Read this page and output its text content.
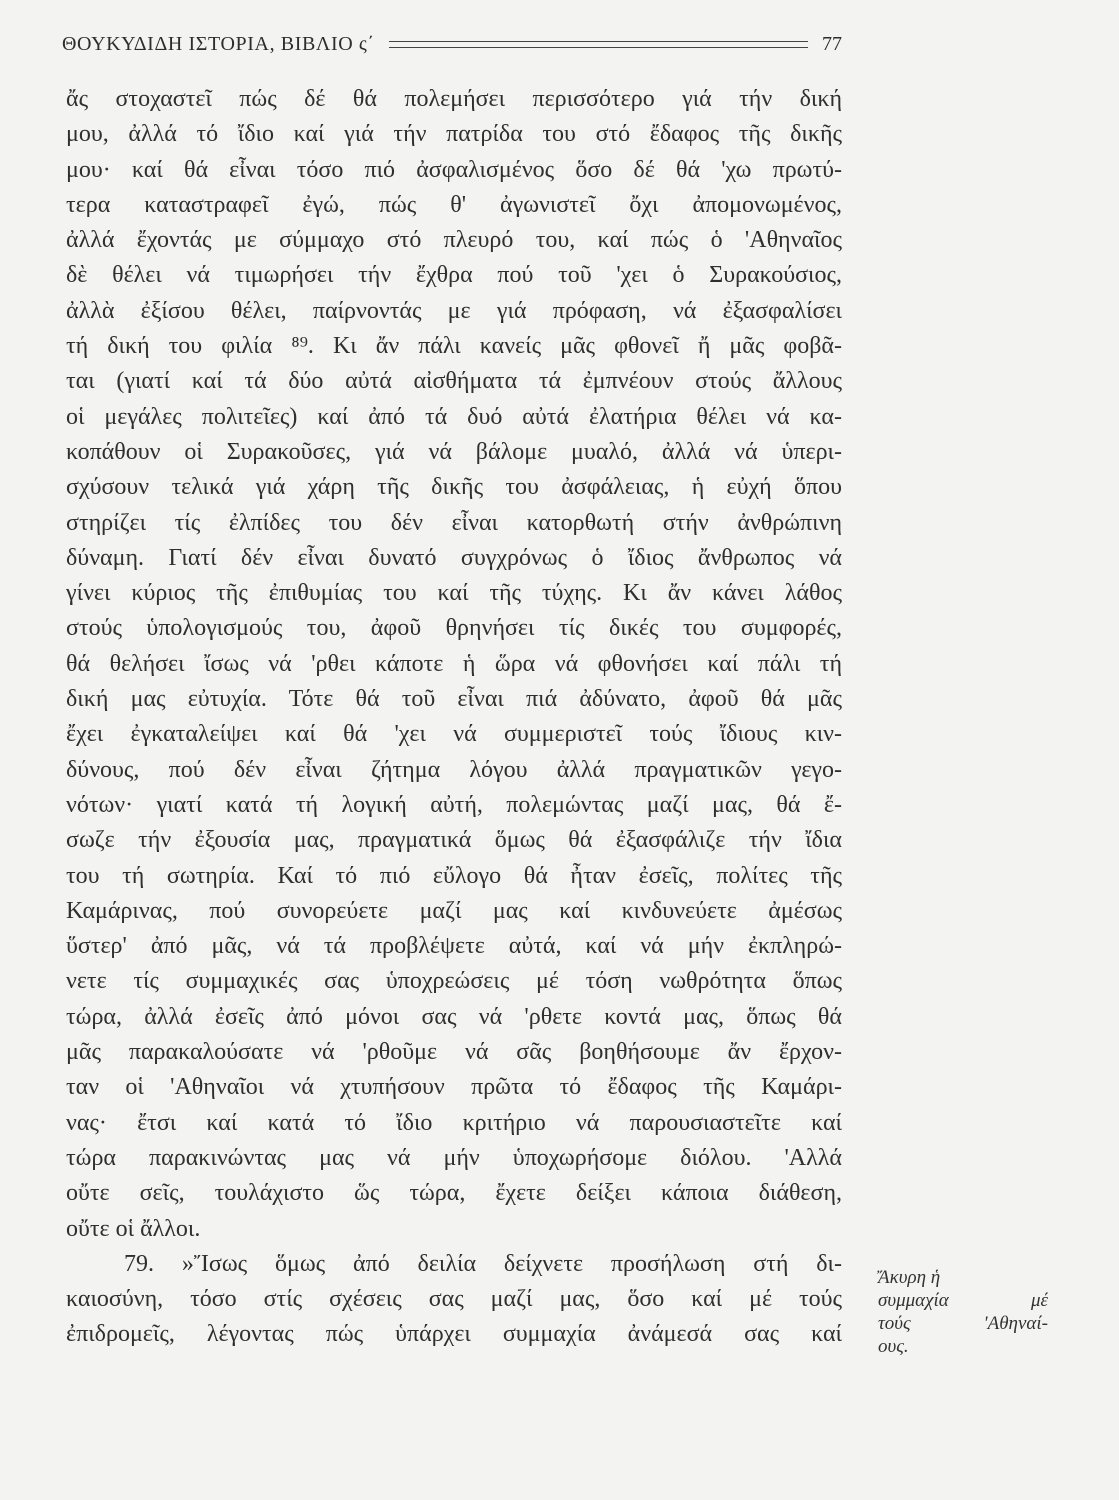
ΘΟΥΚΥΔΙΔΗ ΙΣΤΟΡΙΑ, ΒΙΒΛΙΟ ς΄	77
ἄς στοχαστεῖ πώς δέ θά πολεμήσει περισσότερο γιά τήν δική
μου, ἀλλά τό ἴδιο καί γιά τήν πατρίδα του στό ἔδαφος τῆς δικῆς
μου· καί θά εἶναι τόσο πιό ἀσφαλισμένος ὅσο δέ θά 'χω πρωτύ-
τερα καταστραφεῖ ἐγώ, πώς θ' ἀγωνιστεῖ ὄχι ἀπομονωμένος,
ἀλλά ἔχοντάς με σύμμαχο στό πλευρό του, καί πώς ὁ 'Αθηναῖος
δὲ θέλει νά τιμωρήσει τήν ἔχθρα πού τοῦ 'χει ὁ Συρακούσιος,
ἀλλὰ ἐξίσου θέλει, παίρνοντάς με γιά πρόφαση, νά ἐξασφαλίσει
τή δική του φιλία ⁸⁹. Κι ἄν πάλι κανείς μᾶς φθονεῖ ἤ μᾶς φοβᾶ-
ται (γιατί καί τά δύο αὐτά αἰσθήματα τά ἐμπνέουν στούς ἄλλους
οἱ μεγάλες πολιτεῖες) καί ἀπό τά δυό αὐτά ἐλατήρια θέλει νά κα-
κοπάθουν οἱ Συρακοῦσες, γιά νά βάλομε μυαλό, ἀλλά νά ὑπερι-
σχύσουν τελικά γιά χάρη τῆς δικῆς του ἀσφάλειας, ἡ εὐχή ὅπου
στηρίζει τίς ἐλπίδες του δέν εἶναι κατορθωτή στήν ἀνθρώπινη
δύναμη. Γιατί δέν εἶναι δυνατό συγχρόνως ὁ ἴδιος ἄνθρωπος νά
γίνει κύριος τῆς ἐπιθυμίας του καί τῆς τύχης. Κι ἄν κάνει λάθος
στούς ὑπολογισμούς του, ἀφοῦ θρηνήσει τίς δικές του συμφορές,
θά θελήσει ἴσως νά 'ρθει κάποτε ἡ ὥρα νά φθονήσει καί πάλι τή
δική μας εὐτυχία. Τότε θά τοῦ εἶναι πιά ἀδύνατο, ἀφοῦ θά μᾶς
ἔχει ἐγκαταλείψει καί θά 'χει νά συμμεριστεῖ τούς ἴδιους κιν-
δύνους, πού δέν εἶναι ζήτημα λόγου ἀλλά πραγματικῶν γεγο-
νότων· γιατί κατά τή λογική αὐτή, πολεμώντας μαζί μας, θά ἔ-
σωζε τήν ἐξουσία μας, πραγματικά ὅμως θά ἐξασφάλιζε τήν ἴδια
του τή σωτηρία. Καί τό πιό εὔλογο θά ἦταν ἐσεῖς, πολίτες τῆς
Καμάρινας, πού συνορεύετε μαζί μας καί κινδυνεύετε ἀμέσως
ὕστερ' ἀπό μᾶς, νά τά προβλέψετε αὐτά, καί νά μήν ἐκπληρώ-
νετε τίς συμμαχικές σας ὑποχρεώσεις μέ τόση νωθρότητα ὅπως
τώρα, ἀλλά ἐσεῖς ἀπό μόνοι σας νά 'ρθετε κοντά μας, ὅπως θά
μᾶς παρακαλούσατε νά 'ρθοῦμε νά σᾶς βοηθήσουμε ἄν ἔρχον-
ταν οἱ 'Αθηναῖοι νά χτυπήσουν πρῶτα τό ἔδαφος τῆς Καμάρι-
νας· ἔτσι καί κατά τό ἴδιο κριτήριο νά παρουσιαστεῖτε καί
τώρα παρακινώντας μας νά μήν ὑποχωρήσομε διόλου. 'Αλλά
οὔτε σεῖς, τουλάχιστο ὥς τώρα, ἔχετε δείξει κάποια διάθεση,
οὔτε οἱ ἄλλοι.
79. »Ἴσως ὅμως ἀπό δειλία δείχνετε προσήλωση στή δι-
καιοσύνη, τόσο στίς σχέσεις σας μαζί μας, ὅσο καί μέ τούς
ἐπιδρομεῖς, λέγοντας πώς ὑπάρχει συμμαχία ἀνάμεσά σας καί
Ἄκυρη ἡ
συμμαχία μέ
τούς 'Αθηναί-
ους.
